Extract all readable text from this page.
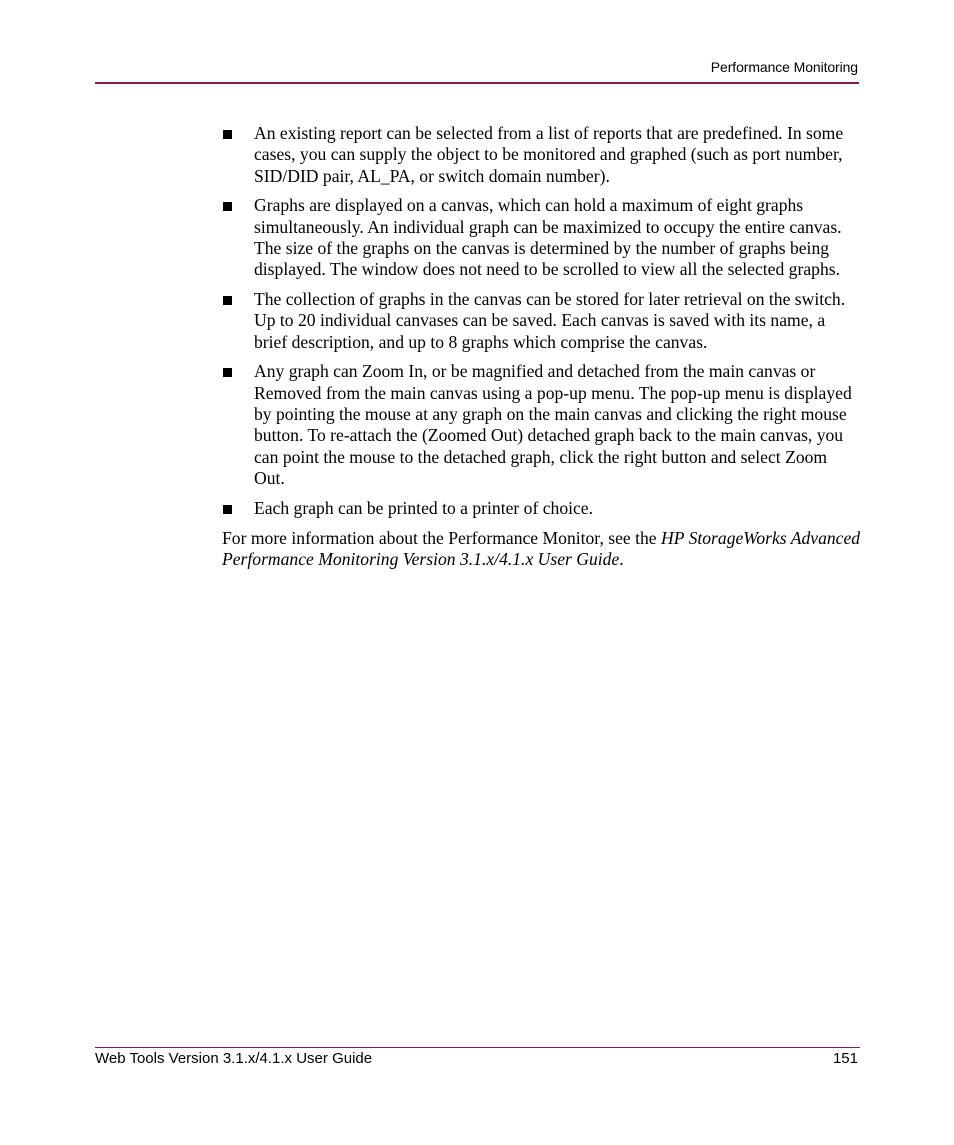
Performance Monitoring
An existing report can be selected from a list of reports that are predefined. In some cases, you can supply the object to be monitored and graphed (such as port number, SID/DID pair, AL_PA, or switch domain number).
Graphs are displayed on a canvas, which can hold a maximum of eight graphs simultaneously. An individual graph can be maximized to occupy the entire canvas. The size of the graphs on the canvas is determined by the number of graphs being displayed. The window does not need to be scrolled to view all the selected graphs.
The collection of graphs in the canvas can be stored for later retrieval on the switch. Up to 20 individual canvases can be saved. Each canvas is saved with its name, a brief description, and up to 8 graphs which comprise the canvas.
Any graph can Zoom In, or be magnified and detached from the main canvas or Removed from the main canvas using a pop-up menu. The pop-up menu is displayed by pointing the mouse at any graph on the main canvas and clicking the right mouse button. To re-attach the (Zoomed Out) detached graph back to the main canvas, you can point the mouse to the detached graph, click the right button and select Zoom Out.
Each graph can be printed to a printer of choice.

For more information about the Performance Monitor, see the HP StorageWorks Advanced Performance Monitoring Version 3.1.x/4.1.x User Guide.

Web Tools Version 3.1.x/4.1.x User Guide	151
